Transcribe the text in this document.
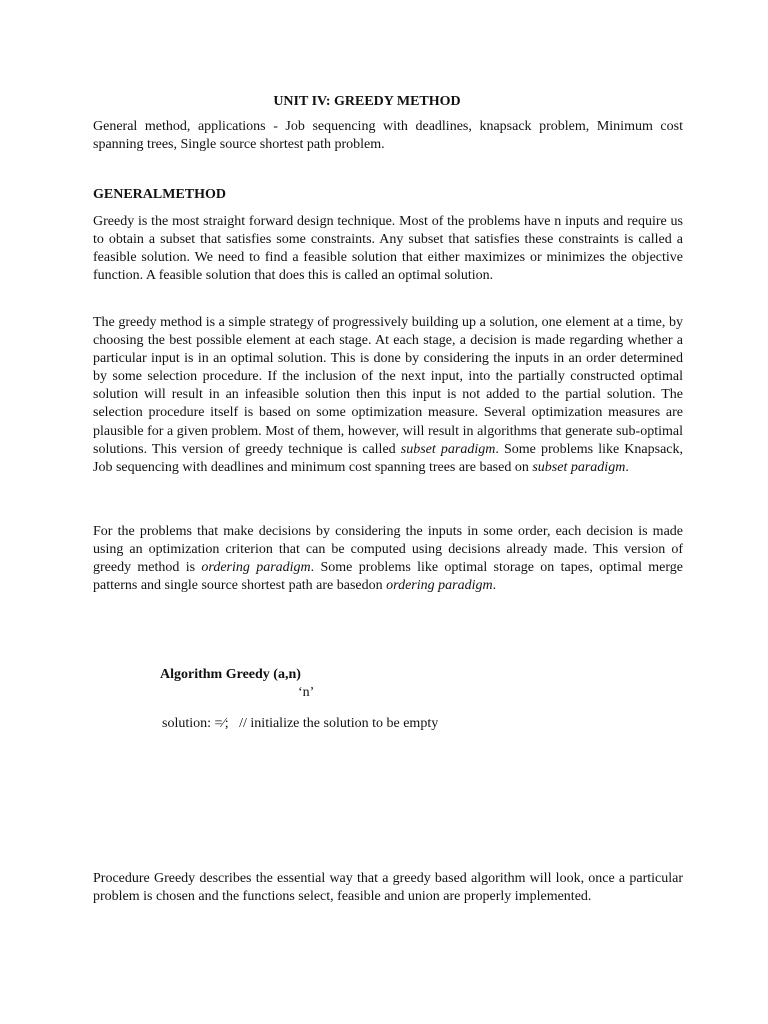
UNIT IV: GREEDY METHOD

General method, applications - Job sequencing with deadlines, knapsack problem, Minimum cost spanning trees, Single source shortest path problem.

GENERALMETHOD

Greedy is the most straight forward design technique. Most of the problems have n inputs and require us to obtain a subset that satisfies some constraints. Any subset that satisfies these constraints is called a feasible solution. We need to find a feasible solution that either maximizes or minimizes the objective function. A feasible solution that does this is called an optimal solution.

The greedy method is a simple strategy of progressively building up a solution, one element at a time, by choosing the best possible element at each stage. At each stage, a decision is made regarding whether a particular input is in an optimal solution. This is done by considering the inputs in an order determined by some selection procedure. If the inclusion of the next input, into the partially constructed optimal solution will result in an infeasible solution then this input is not added to the partial solution. The selection procedure itself is based on some optimization measure. Several optimization measures are plausible for a given problem. Most of them, however, will result in algorithms that generate sub-optimal solutions. This version of greedy technique is called subset paradigm. Some problems like Knapsack, Job sequencing with deadlines and minimum cost spanning trees are based on subset paradigm.

For the problems that make decisions by considering the inputs in some order, each decision is made using an optimization criterion that can be computed using decisions already made. This version of greedy method is ordering paradigm. Some problems like optimal storage on tapes, optimal merge patterns and single source shortest path are basedon ordering paradigm.

Algorithm Greedy (a,n)
‘n’
solution: =∕;   // initialize the solution to be empty

Procedure Greedy describes the essential way that a greedy based algorithm will look, once a particular problem is chosen and the functions select, feasible and union are properly implemented.
